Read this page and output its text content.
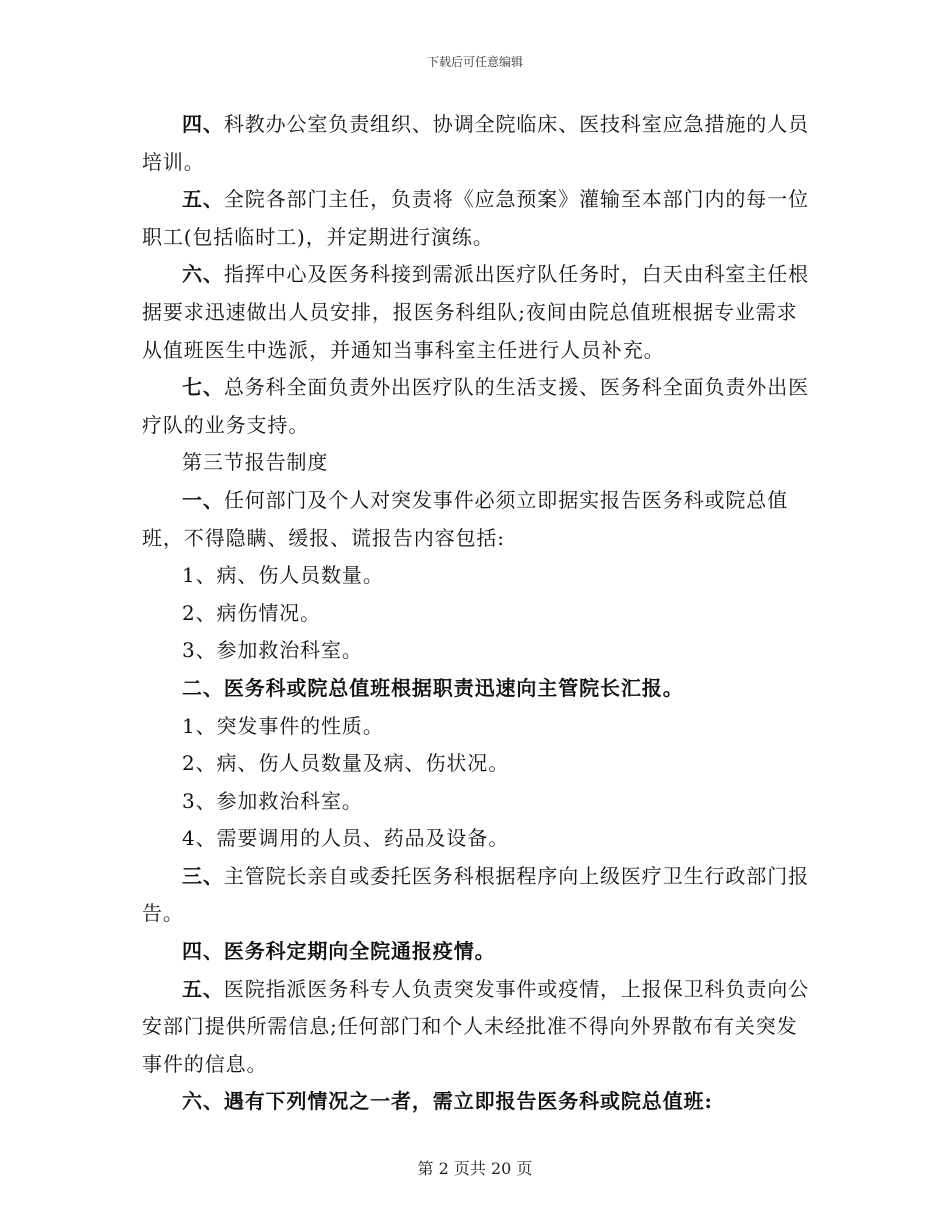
下载后可任意编辑

四、科教办公室负责组织、协调全院临床、医技科室应急措施的人员培训。

五、全院各部门主任，负责将《应急预案》灌输至本部门内的每一位职工(包括临时工)，并定期进行演练。

六、指挥中心及医务科接到需派出医疗队任务时，白天由科室主任根据要求迅速做出人员安排，报医务科组队;夜间由院总值班根据专业需求从值班医生中选派，并通知当事科室主任进行人员补充。

七、总务科全面负责外出医疗队的生活支援、医务科全面负责外出医疗队的业务支持。

第三节报告制度

一、任何部门及个人对突发事件必须立即据实报告医务科或院总值班，不得隐瞒、缓报、谎报告内容包括:

1、病、伤人员数量。

2、病伤情况。

3、参加救治科室。

二、医务科或院总值班根据职责迅速向主管院长汇报。

1、突发事件的性质。

2、病、伤人员数量及病、伤状况。

3、参加救治科室。

4、需要调用的人员、药品及设备。

三、主管院长亲自或委托医务科根据程序向上级医疗卫生行政部门报告。

四、医务科定期向全院通报疫情。

五、医院指派医务科专人负责突发事件或疫情，上报保卫科负责向公安部门提供所需信息;任何部门和个人未经批准不得向外界散布有关突发事件的信息。

六、遇有下列情况之一者，需立即报告医务科或院总值班:

第 2 页共 20 页
